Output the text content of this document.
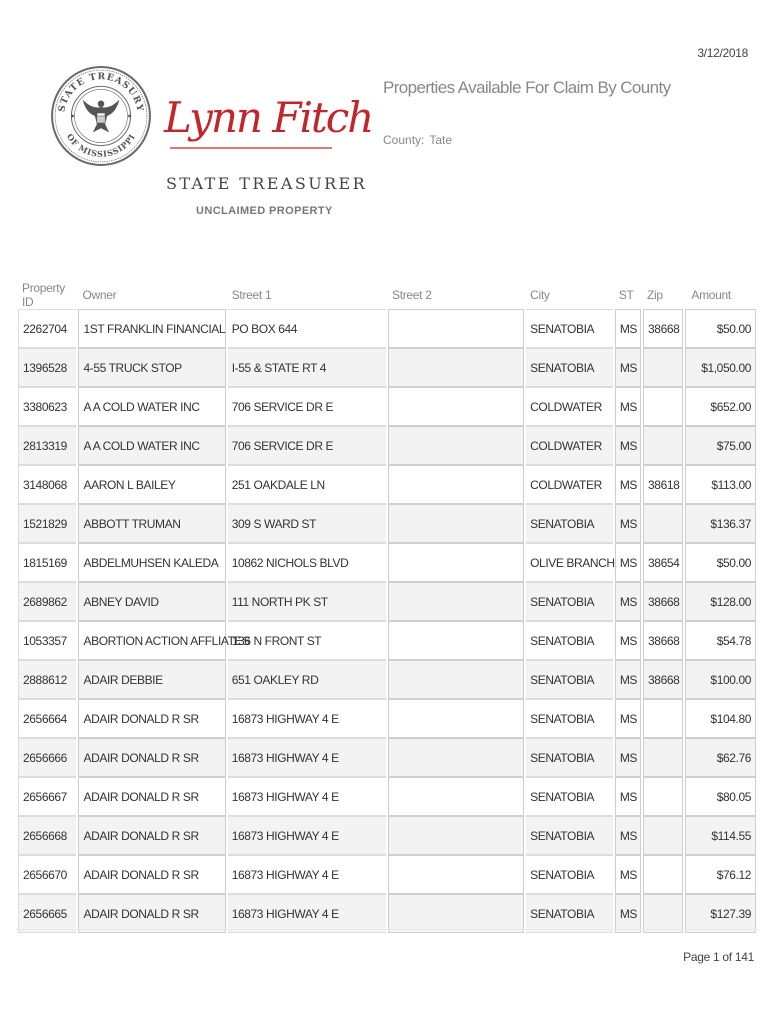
3/12/2018
STATE TREASURY
OF MISSISSIPPI Lynn Fitch
STATE TREASURER
UNCLAIMED PROPERTY
Properties Available For Claim By County
County: Tate
Property ID	Owner	Street 1	Street 2	City	ST	Zip	Amount
2262704	1ST FRANKLIN FINANCIAL	PO BOX 644		SENATOBIA	MS	38668	$50.00
1396528	4-55 TRUCK STOP	I-55 & STATE RT 4		SENATOBIA	MS		$1,050.00
3380623	A A COLD WATER INC	706 SERVICE DR E		COLDWATER	MS		$652.00
2813319	A A COLD WATER INC	706 SERVICE DR E		COLDWATER	MS		$75.00
3148068	AARON L BAILEY	251 OAKDALE LN		COLDWATER	MS	38618	$113.00
1521829	ABBOTT TRUMAN	309 S WARD ST		SENATOBIA	MS		$136.37
1815169	ABDELMUHSEN KALEDA	10862 NICHOLS BLVD		OLIVE BRANCH	MS	38654	$50.00
2689862	ABNEY DAVID	111 NORTH PK ST		SENATOBIA	MS	38668	$128.00
1053357	ABORTION ACTION AFFLIATES	136 N FRONT ST		SENATOBIA	MS	38668	$54.78
2888612	ADAIR DEBBIE	651 OAKLEY RD		SENATOBIA	MS	38668	$100.00
2656664	ADAIR DONALD R SR	16873 HIGHWAY 4 E		SENATOBIA	MS		$104.80
2656666	ADAIR DONALD R SR	16873 HIGHWAY 4 E		SENATOBIA	MS		$62.76
2656667	ADAIR DONALD R SR	16873 HIGHWAY 4 E		SENATOBIA	MS		$80.05
2656668	ADAIR DONALD R SR	16873 HIGHWAY 4 E		SENATOBIA	MS		$114.55
2656670	ADAIR DONALD R SR	16873 HIGHWAY 4 E		SENATOBIA	MS		$76.12
2656665	ADAIR DONALD R SR	16873 HIGHWAY 4 E		SENATOBIA	MS		$127.39
Page 1 of 141
